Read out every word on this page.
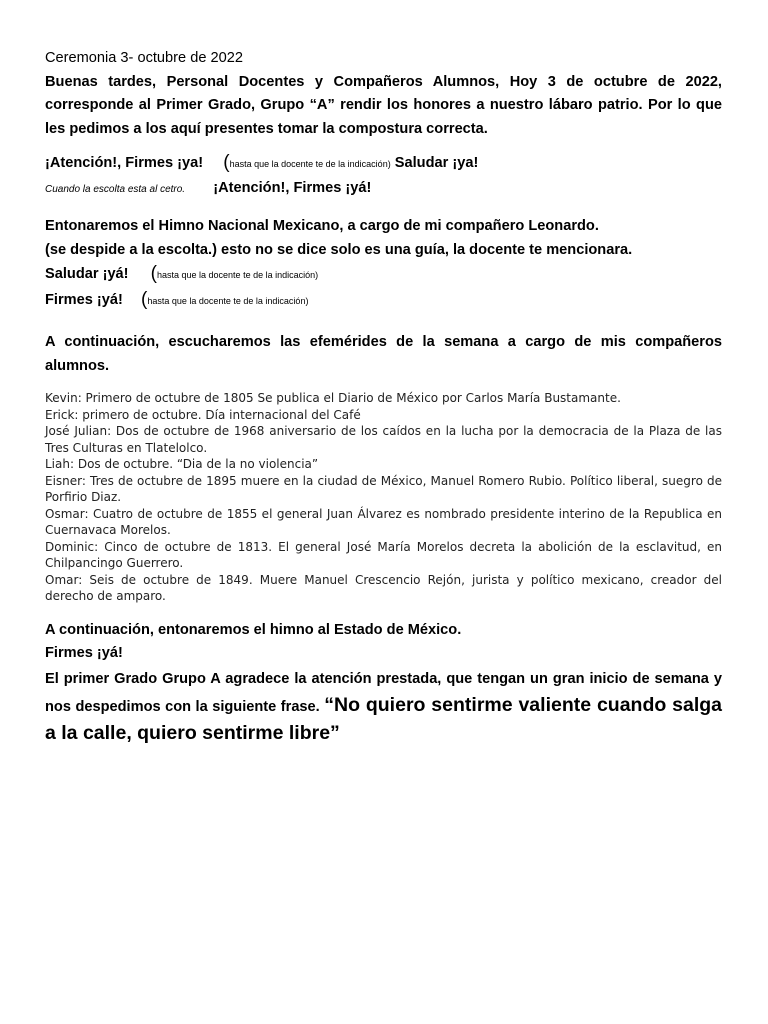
Ceremonia 3- octubre de 2022

Buenas tardes, Personal Docentes y Compañeros Alumnos, Hoy 3 de octubre de 2022, corresponde al Primer Grado, Grupo “A” rendir los honores a nuestro lábaro patrio. Por lo que les pedimos a los aquí presentes tomar la compostura correcta.

¡Atención!, Firmes ¡ya! (hasta que la docente te de la indicación) Saludar ¡ya!

Cuando la escolta esta al cetro. ¡Atención!, Firmes ¡yá!

Entonaremos el Himno Nacional Mexicano, a cargo de mi compañero Leonardo.

(se despide a la escolta.) esto no se dice solo es una guía, la docente te mencionara.

Saludar ¡yá! (hasta que la docente te de la indicación)

Firmes ¡yá! (hasta que la docente te de la indicación)

A continuación, escucharemos las efemérides de la semana a cargo de mis compañeros alumnos.

Kevin: Primero de octubre de 1805 Se publica el Diario de México por Carlos María Bustamante.

Erick: primero de octubre. Día internacional del Café

José Julian: Dos de octubre de 1968 aniversario de los caídos en la lucha por la democracia de la Plaza de las Tres Culturas en Tlatelolco.

Liah: Dos de octubre. “Dia de la no violencia”

Eisner: Tres de octubre de 1895 muere en la ciudad de México, Manuel Romero Rubio. Político liberal, suegro de Porfirio Diaz.

Osmar: Cuatro de octubre de 1855 el general Juan Álvarez es nombrado presidente interino de la Republica en Cuernavaca Morelos.

Dominic: Cinco de octubre de 1813. El general José María Morelos decreta la abolición de la esclavitud, en Chilpancingo Guerrero.

Omar: Seis de octubre de 1849. Muere Manuel Crescencio Rejón, jurista y político mexicano, creador del derecho de amparo.

A continuación, entonaremos el himno al Estado de México.

Firmes ¡yá!

El primer Grado Grupo A agradece la atención prestada, que tengan un gran inicio de semana y nos despedimos con la siguiente frase. “No quiero sentirme valiente cuando salga a la calle, quiero sentirme libre”
